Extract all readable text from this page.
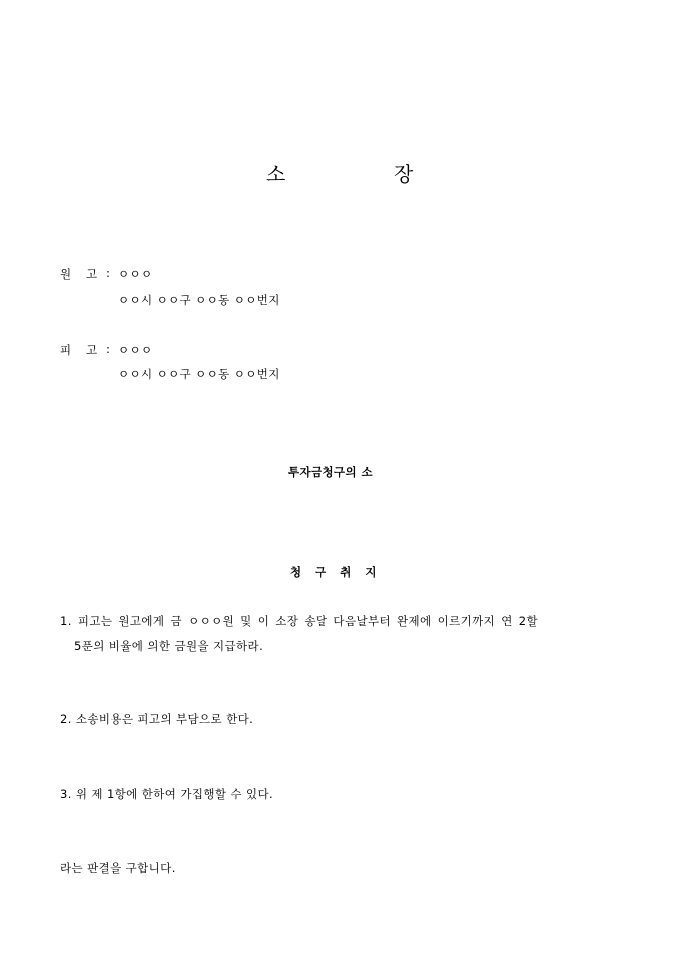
소	장
원 고 : ㅇㅇㅇ
ㅇㅇ시 ㅇㅇ구 ㅇㅇ동 ㅇㅇ번지
피 고 : ㅇㅇㅇ
ㅇㅇ시 ㅇㅇ구 ㅇㅇ동 ㅇㅇ번지
투자금청구의 소
청 구 취 지
1. 피고는 원고에게 금 ㅇㅇㅇ원 및 이 소장 송달 다음날부터 완제에 이르기까지 연 2할
5푼의 비율에 의한 금원을 지급하라.
2. 소송비용은 피고의 부담으로 한다.
3. 위 제 1항에 한하여 가집행할 수 있다.
라는 판결을 구합니다.
